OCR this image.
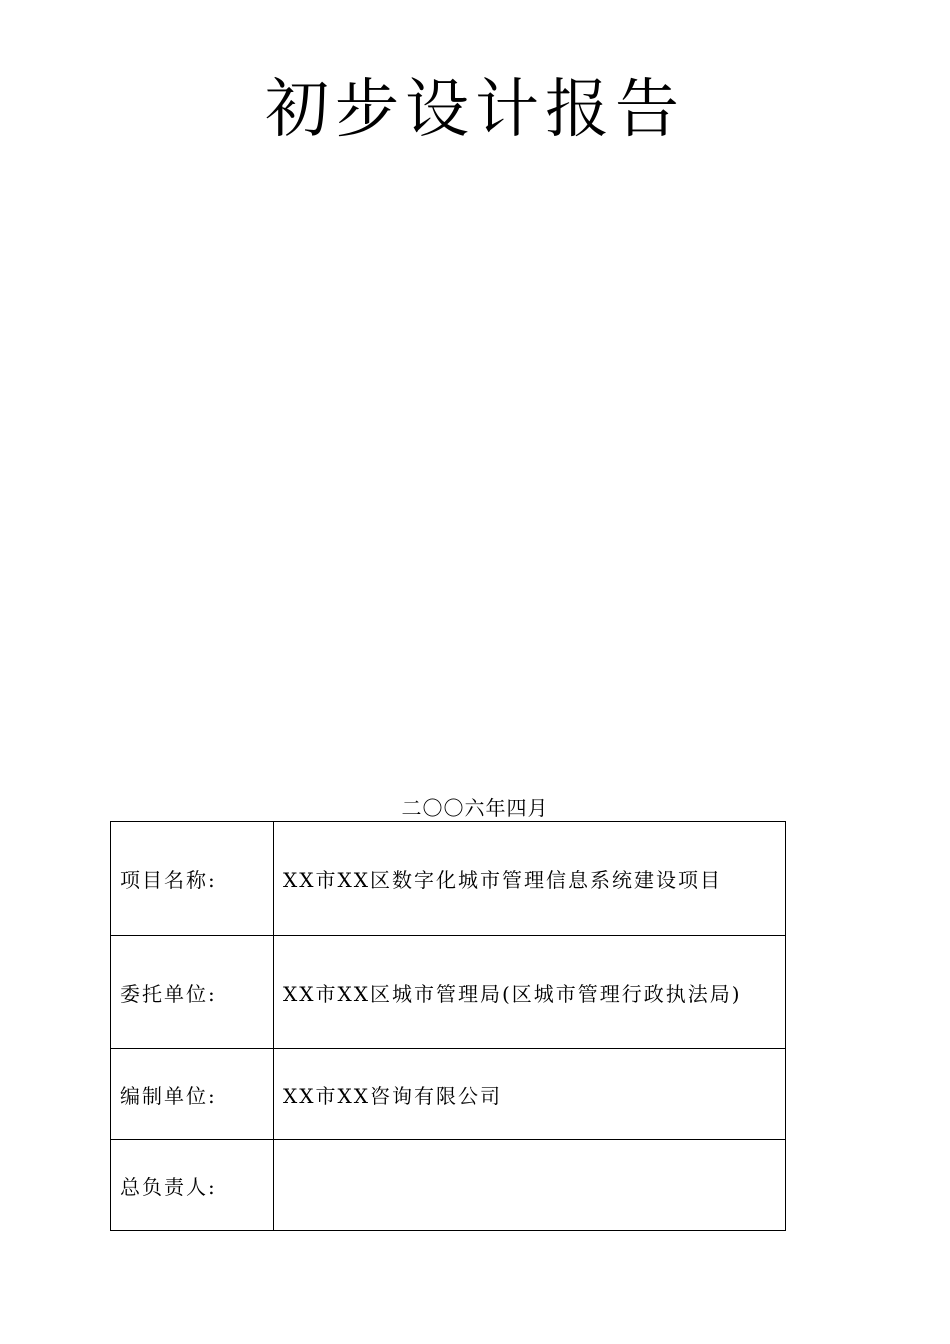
初步设计报告
二〇〇六年四月
项目名称:	XX市XX区数字化城市管理信息系统建设项目
委托单位:	XX市XX区城市管理局(区城市管理行政执法局)
编制单位:	XX市XX咨询有限公司
总负责人:	
